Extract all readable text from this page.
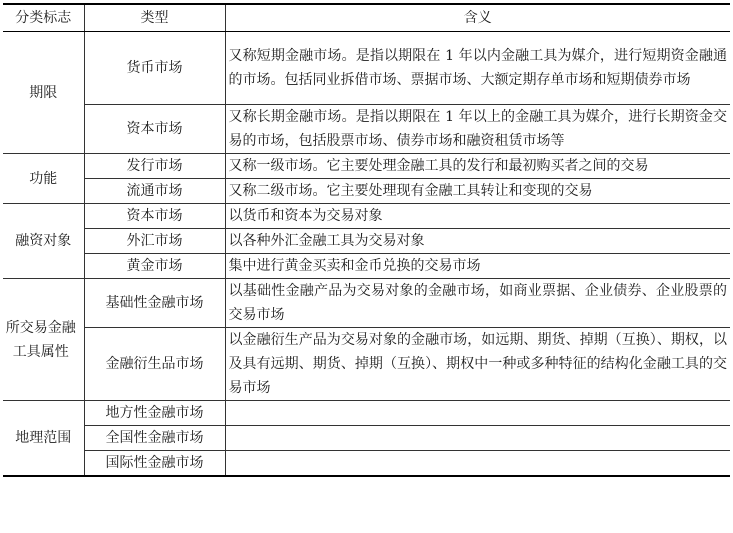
分类标志	类型	含义
期限	货币市场	又称短期金融市场。是指以期限在 1 年以内金融工具为媒介，进行短期资金融通的市场。包括同业拆借市场、票据市场、大额定期存单市场和短期债券市场
	资本市场	又称长期金融市场。是指以期限在 1 年以上的金融工具为媒介，进行长期资金交易的市场，包括股票市场、债券市场和融资租赁市场等
功能	发行市场	又称一级市场。它主要处理金融工具的发行和最初购买者之间的交易
	流通市场	又称二级市场。它主要处理现有金融工具转让和变现的交易
融资对象	资本市场	以货币和资本为交易对象
	外汇市场	以各种外汇金融工具为交易对象
	黄金市场	集中进行黄金买卖和金币兑换的交易市场
所交易金融工具属性	基础性金融市场	以基础性金融产品为交易对象的金融市场，如商业票据、企业债券、企业股票的交易市场
	金融衍生品市场	以金融衍生产品为交易对象的金融市场，如远期、期货、掉期（互换）、期权，以及具有远期、期货、掉期（互换）、期权中一种或多种特征的结构化金融工具的交易市场
地理范围	地方性金融市场	
	全国性金融市场	
	国际性金融市场	
